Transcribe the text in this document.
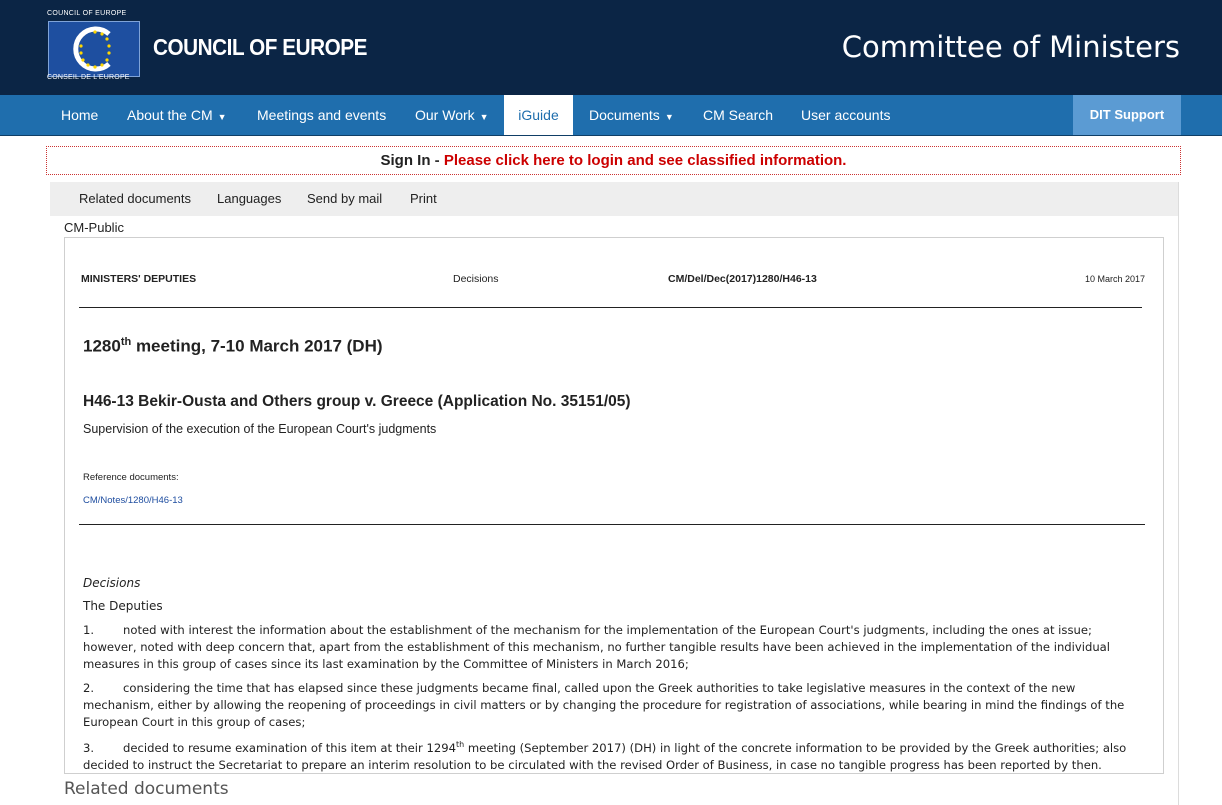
COUNCIL OF EUROPE
CONSEIL DE L'EUROPE
COUNCIL OF EUROPE	Committee of Ministers
Home About the CM ▼ Meetings and events Our Work ▼	iGuide	Documents ▼ CM Search User accounts	DIT Support
Sign In - Please click here to login and see classified information.
Related documents Languages Send by mail Print
CM-Public
MINISTERS' DEPUTIES	Decisions	CM/Del/Dec(2017)1280/H46-13	10 March 2017
1280th meeting, 7-10 March 2017 (DH)
H46-13 Bekir-Ousta and Others group v. Greece (Application No. 35151/05)
Supervision of the execution of the European Court's judgments
Reference documents:
CM/Notes/1280/H46-13
Decisions
The Deputies
1. noted with interest the information about the establishment of the mechanism for the implementation of the European Court's judgments, including the ones at issue; however, noted with deep concern that, apart from the establishment of this mechanism, no further tangible results have been achieved in the implementation of the individual measures in this group of cases since its last examination by the Committee of Ministers in March 2016;
2. considering the time that has elapsed since these judgments became final, called upon the Greek authorities to take legislative measures in the context of the new mechanism, either by allowing the reopening of proceedings in civil matters or by changing the procedure for registration of associations, while bearing in mind the findings of the European Court in this group of cases;
3. decided to resume examination of this item at their 1294th meeting (September 2017) (DH) in light of the concrete information to be provided by the Greek authorities; also decided to instruct the Secretariat to prepare an interim resolution to be circulated with the revised Order of Business, in case no tangible progress has been reported by then.
Related documents
